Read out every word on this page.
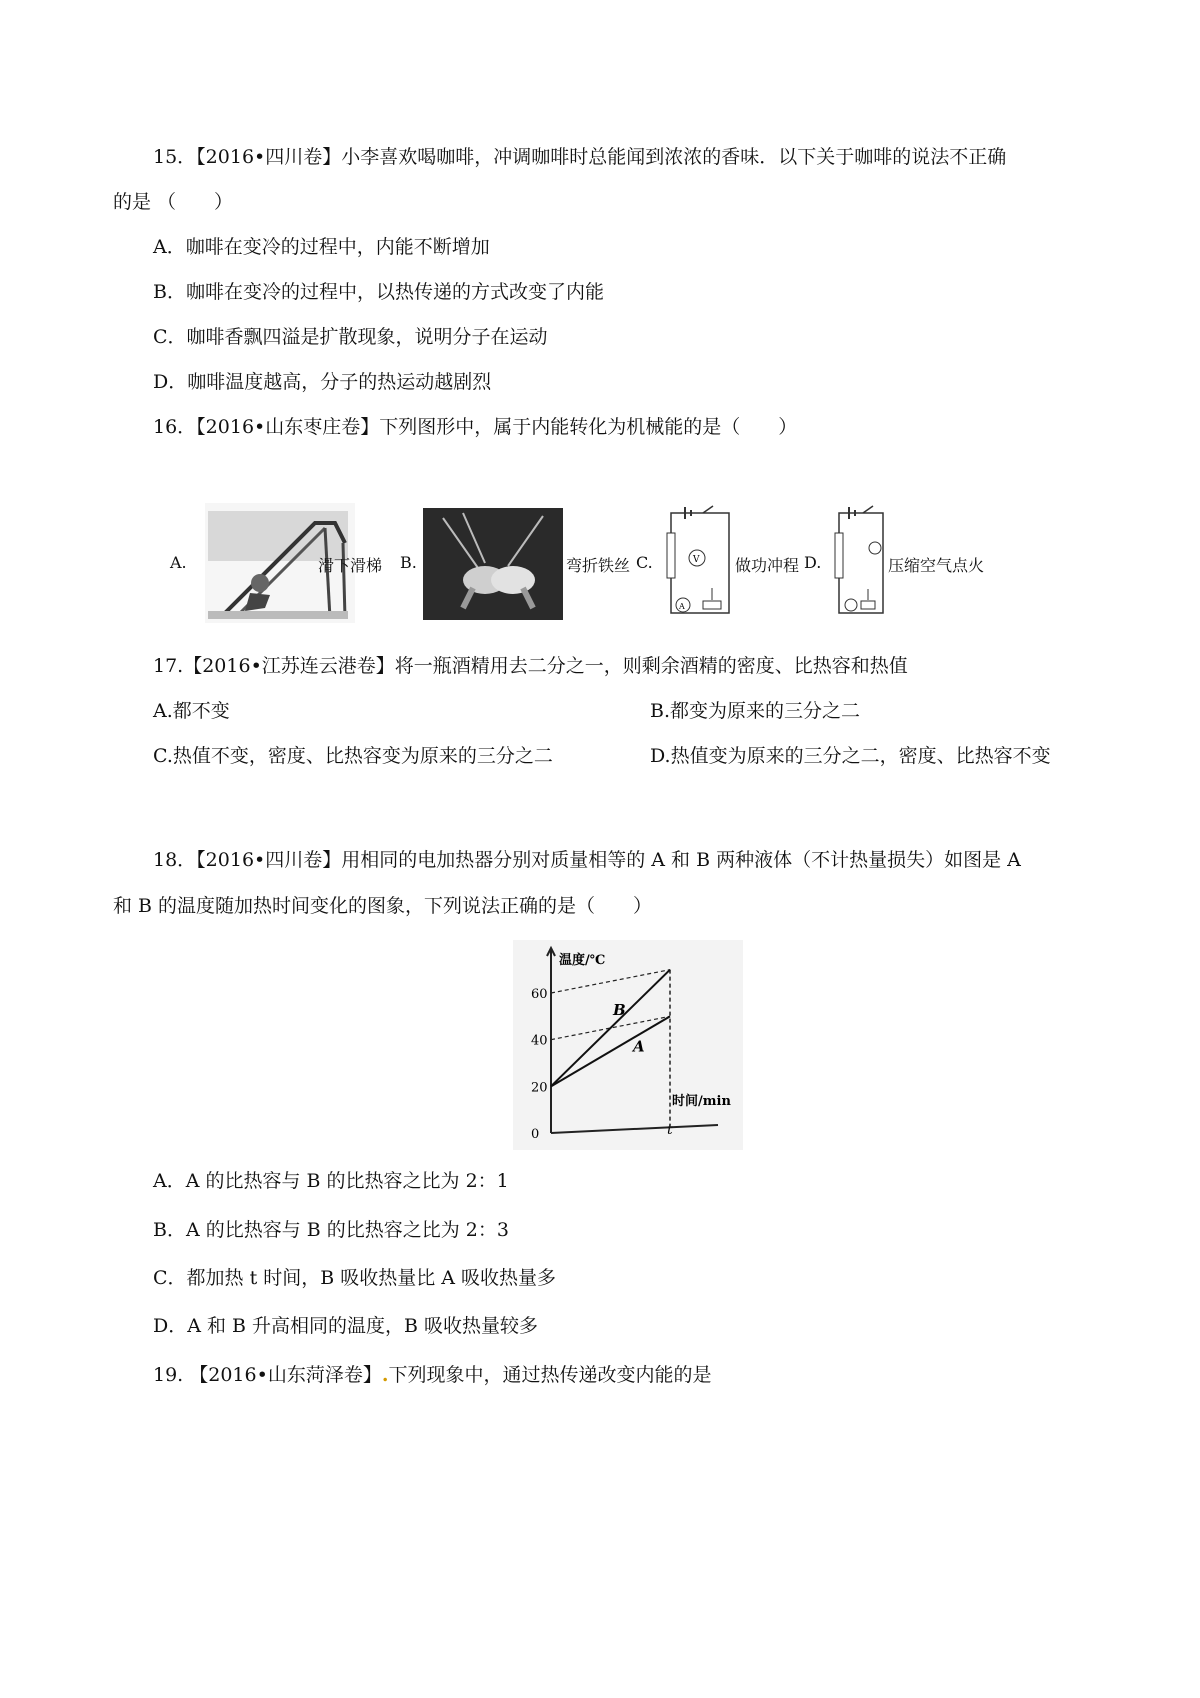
15．【2016•四川卷】小李喜欢喝咖啡，冲调咖啡时总能闻到浓浓的香味．以下关于咖啡的说法不正确
的是 （　　）
A．咖啡在变冷的过程中，内能不断增加
B．咖啡在变冷的过程中，以热传递的方式改变了内能
C．咖啡香飘四溢是扩散现象，说明分子在运动
D．咖啡温度越高，分子的热运动越剧烈
16．【2016•山东枣庄卷】下列图形中，属于内能转化为机械能的是（　　）
A.	滑下滑梯 B.	弯折铁丝 C.	V
A
做功冲程 D.	压缩空气点火
17.【2016•江苏连云港卷】将一瓶酒精用去二分之一，则剩余酒精的密度、比热容和热值
A.都不变	B.都变为原来的三分之二
C.热值不变，密度、比热容变为原来的三分之二	D.热值变为原来的三分之二，密度、比热容不变
18．【2016•四川卷】用相同的电加热器分别对质量相等的 A 和 B 两种液体（不计热量损失）如图是 A
和 B 的温度随加热时间变化的图象，下列说法正确的是（　　）
温度/℃
时间/min
0
20
40
60
t
B
A
A．A 的比热容与 B 的比热容之比为 2：1
B．A 的比热容与 B 的比热容之比为 2：3
C．都加热 t 时间，B 吸收热量比 A 吸收热量多
D．A 和 B 升高相同的温度，B 吸收热量较多
19. 【2016•山东菏泽卷】.下列现象中，通过热传递改变内能的是
